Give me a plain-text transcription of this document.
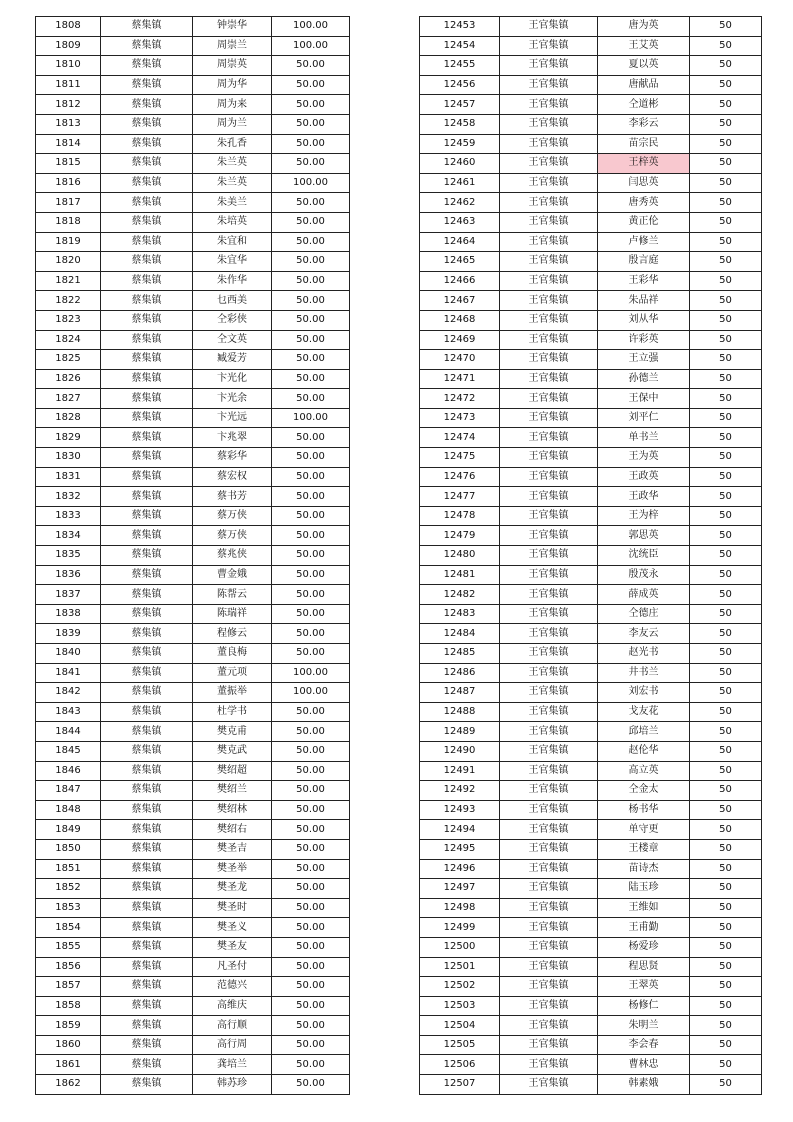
1808	蔡集镇	钟崇华	100.00
1809	蔡集镇	周崇兰	100.00
1810	蔡集镇	周崇英	50.00
1811	蔡集镇	周为华	50.00
1812	蔡集镇	周为来	50.00
1813	蔡集镇	周为兰	50.00
1814	蔡集镇	朱孔香	50.00
1815	蔡集镇	朱兰英	50.00
1816	蔡集镇	朱兰英	100.00
1817	蔡集镇	朱美兰	50.00
1818	蔡集镇	朱培英	50.00
1819	蔡集镇	朱宜和	50.00
1820	蔡集镇	朱宜华	50.00
1821	蔡集镇	朱作华	50.00
1822	蔡集镇	乜西美	50.00
1823	蔡集镇	仝彩侠	50.00
1824	蔡集镇	仝文英	50.00
1825	蔡集镇	臧爱芳	50.00
1826	蔡集镇	卞光化	50.00
1827	蔡集镇	卞光余	50.00
1828	蔡集镇	卞光远	100.00
1829	蔡集镇	卞兆翠	50.00
1830	蔡集镇	蔡彩华	50.00
1831	蔡集镇	蔡宏权	50.00
1832	蔡集镇	蔡书芳	50.00
1833	蔡集镇	蔡万侠	50.00
1834	蔡集镇	蔡万侠	50.00
1835	蔡集镇	蔡兆侠	50.00
1836	蔡集镇	曹金娥	50.00
1837	蔡集镇	陈帮云	50.00
1838	蔡集镇	陈瑞祥	50.00
1839	蔡集镇	程修云	50.00
1840	蔡集镇	董良梅	50.00
1841	蔡集镇	董元项	100.00
1842	蔡集镇	董振举	100.00
1843	蔡集镇	杜学书	50.00
1844	蔡集镇	樊克甫	50.00
1845	蔡集镇	樊克武	50.00
1846	蔡集镇	樊绍超	50.00
1847	蔡集镇	樊绍兰	50.00
1848	蔡集镇	樊绍林	50.00
1849	蔡集镇	樊绍右	50.00
1850	蔡集镇	樊圣吉	50.00
1851	蔡集镇	樊圣举	50.00
1852	蔡集镇	樊圣龙	50.00
1853	蔡集镇	樊圣时	50.00
1854	蔡集镇	樊圣义	50.00
1855	蔡集镇	樊圣友	50.00
1856	蔡集镇	凡圣付	50.00
1857	蔡集镇	范德兴	50.00
1858	蔡集镇	高维庆	50.00
1859	蔡集镇	高行顺	50.00
1860	蔡集镇	高行周	50.00
1861	蔡集镇	龚培兰	50.00
1862	蔡集镇	韩苏珍	50.00
12453	王官集镇	唐为英	50
12454	王官集镇	王艾英	50
12455	王官集镇	夏以英	50
12456	王官集镇	唐献品	50
12457	王官集镇	仝道彬	50
12458	王官集镇	李彩云	50
12459	王官集镇	苗宗民	50
12460	王官集镇	王梓英	50
12461	王官集镇	闫思英	50
12462	王官集镇	唐秀英	50
12463	王官集镇	黄正伦	50
12464	王官集镇	卢修兰	50
12465	王官集镇	殷言庭	50
12466	王官集镇	王彩华	50
12467	王官集镇	朱品祥	50
12468	王官集镇	刘从华	50
12469	王官集镇	许彩英	50
12470	王官集镇	王立强	50
12471	王官集镇	孙德兰	50
12472	王官集镇	王保中	50
12473	王官集镇	刘平仁	50
12474	王官集镇	单书兰	50
12475	王官集镇	王为英	50
12476	王官集镇	王政英	50
12477	王官集镇	王政华	50
12478	王官集镇	王为梓	50
12479	王官集镇	郭思英	50
12480	王官集镇	沈统臣	50
12481	王官集镇	殷茂永	50
12482	王官集镇	薛成英	50
12483	王官集镇	仝德庄	50
12484	王官集镇	李友云	50
12485	王官集镇	赵光书	50
12486	王官集镇	井书兰	50
12487	王官集镇	刘宏书	50
12488	王官集镇	戈友花	50
12489	王官集镇	邱培兰	50
12490	王官集镇	赵伦华	50
12491	王官集镇	高立英	50
12492	王官集镇	仝金太	50
12493	王官集镇	杨书华	50
12494	王官集镇	单守更	50
12495	王官集镇	王楼章	50
12496	王官集镇	苗诗杰	50
12497	王官集镇	陆玉珍	50
12498	王官集镇	王维如	50
12499	王官集镇	王甫勤	50
12500	王官集镇	杨爱珍	50
12501	王官集镇	程思贤	50
12502	王官集镇	王翠英	50
12503	王官集镇	杨修仁	50
12504	王官集镇	朱明兰	50
12505	王官集镇	李会春	50
12506	王官集镇	曹林忠	50
12507	王官集镇	韩素娥	50
